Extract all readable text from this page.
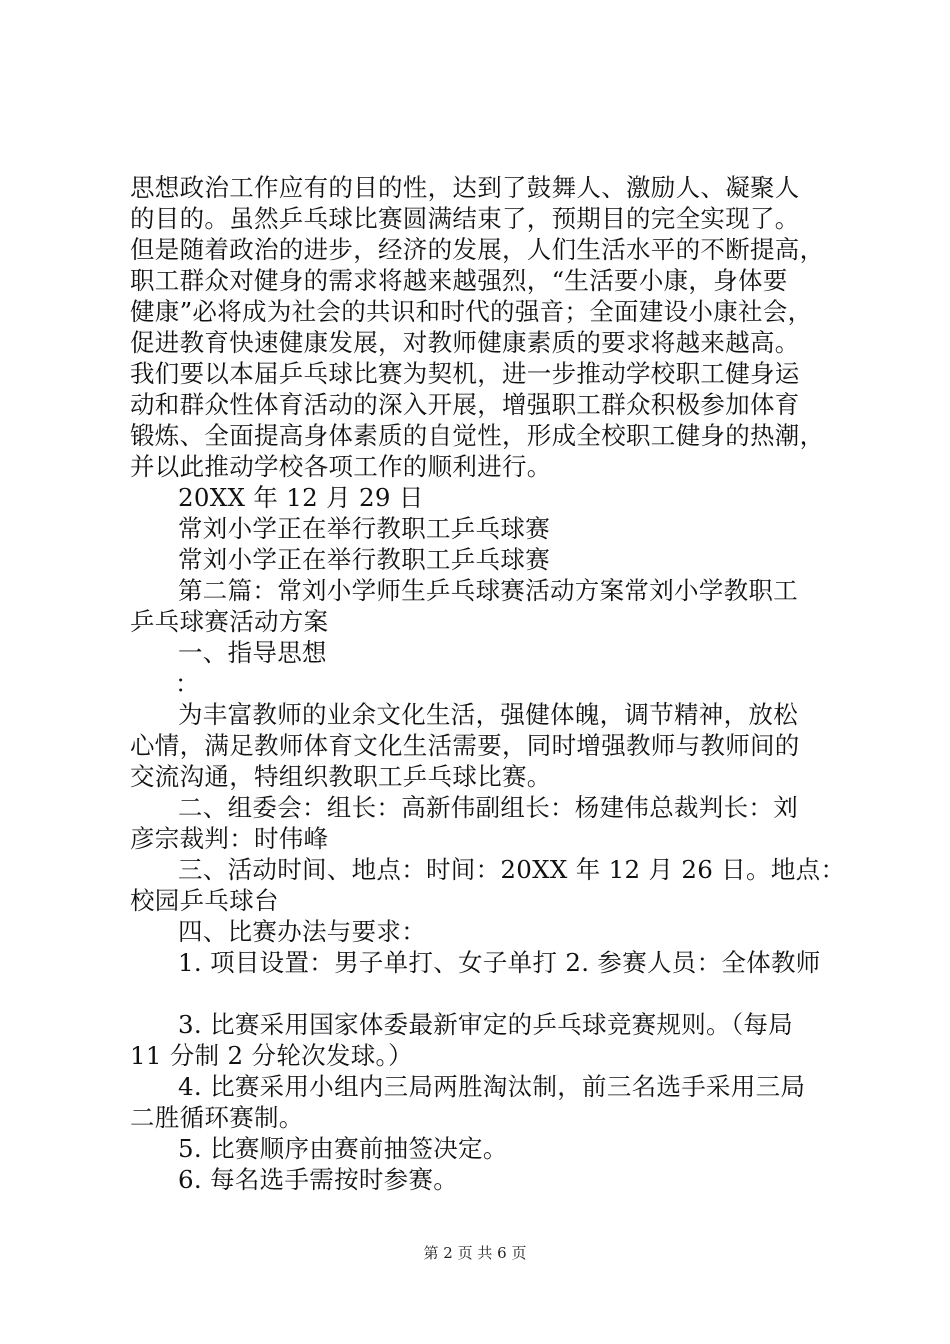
思想政治工作应有的目的性，达到了鼓舞人、激励人、凝聚人
的目的。虽然乒乓球比赛圆满结束了，预期目的完全实现了。
但是随着政治的进步，经济的发展，人们生活水平的不断提高，
职工群众对健身的需求将越来越强烈，“生活要小康，身体要
健康”必将成为社会的共识和时代的强音；全面建设小康社会，
促进教育快速健康发展，对教师健康素质的要求将越来越高。
我们要以本届乒乓球比赛为契机，进一步推动学校职工健身运
动和群众性体育活动的深入开展，增强职工群众积极参加体育
锻炼、全面提高身体素质的自觉性，形成全校职工健身的热潮，
并以此推动学校各项工作的顺利进行。
20XX 年 12 月 29 日
常刘小学正在举行教职工乒乓球赛
常刘小学正在举行教职工乒乓球赛
第二篇：常刘小学师生乒乓球赛活动方案常刘小学教职工
乒乓球赛活动方案
一、指导思想
：
为丰富教师的业余文化生活，强健体魄，调节精神，放松
心情，满足教师体育文化生活需要，同时增强教师与教师间的
交流沟通，特组织教职工乒乓球比赛。
二、组委会：组长：高新伟副组长：杨建伟总裁判长：刘
彦宗裁判：时伟峰
三、活动时间、地点：时间：20XX 年 12 月 26 日。地点：
校园乒乓球台
四、比赛办法与要求：
1. 项目设置：男子单打、女子单打 2. 参赛人员：全体教师
3. 比赛采用国家体委最新审定的乒乓球竞赛规则。（每局
11 分制 2 分轮次发球。）
4. 比赛采用小组内三局两胜淘汰制，前三名选手采用三局
二胜循环赛制。
5. 比赛顺序由赛前抽签决定。
6. 每名选手需按时参赛。
第 2 页 共 6 页
